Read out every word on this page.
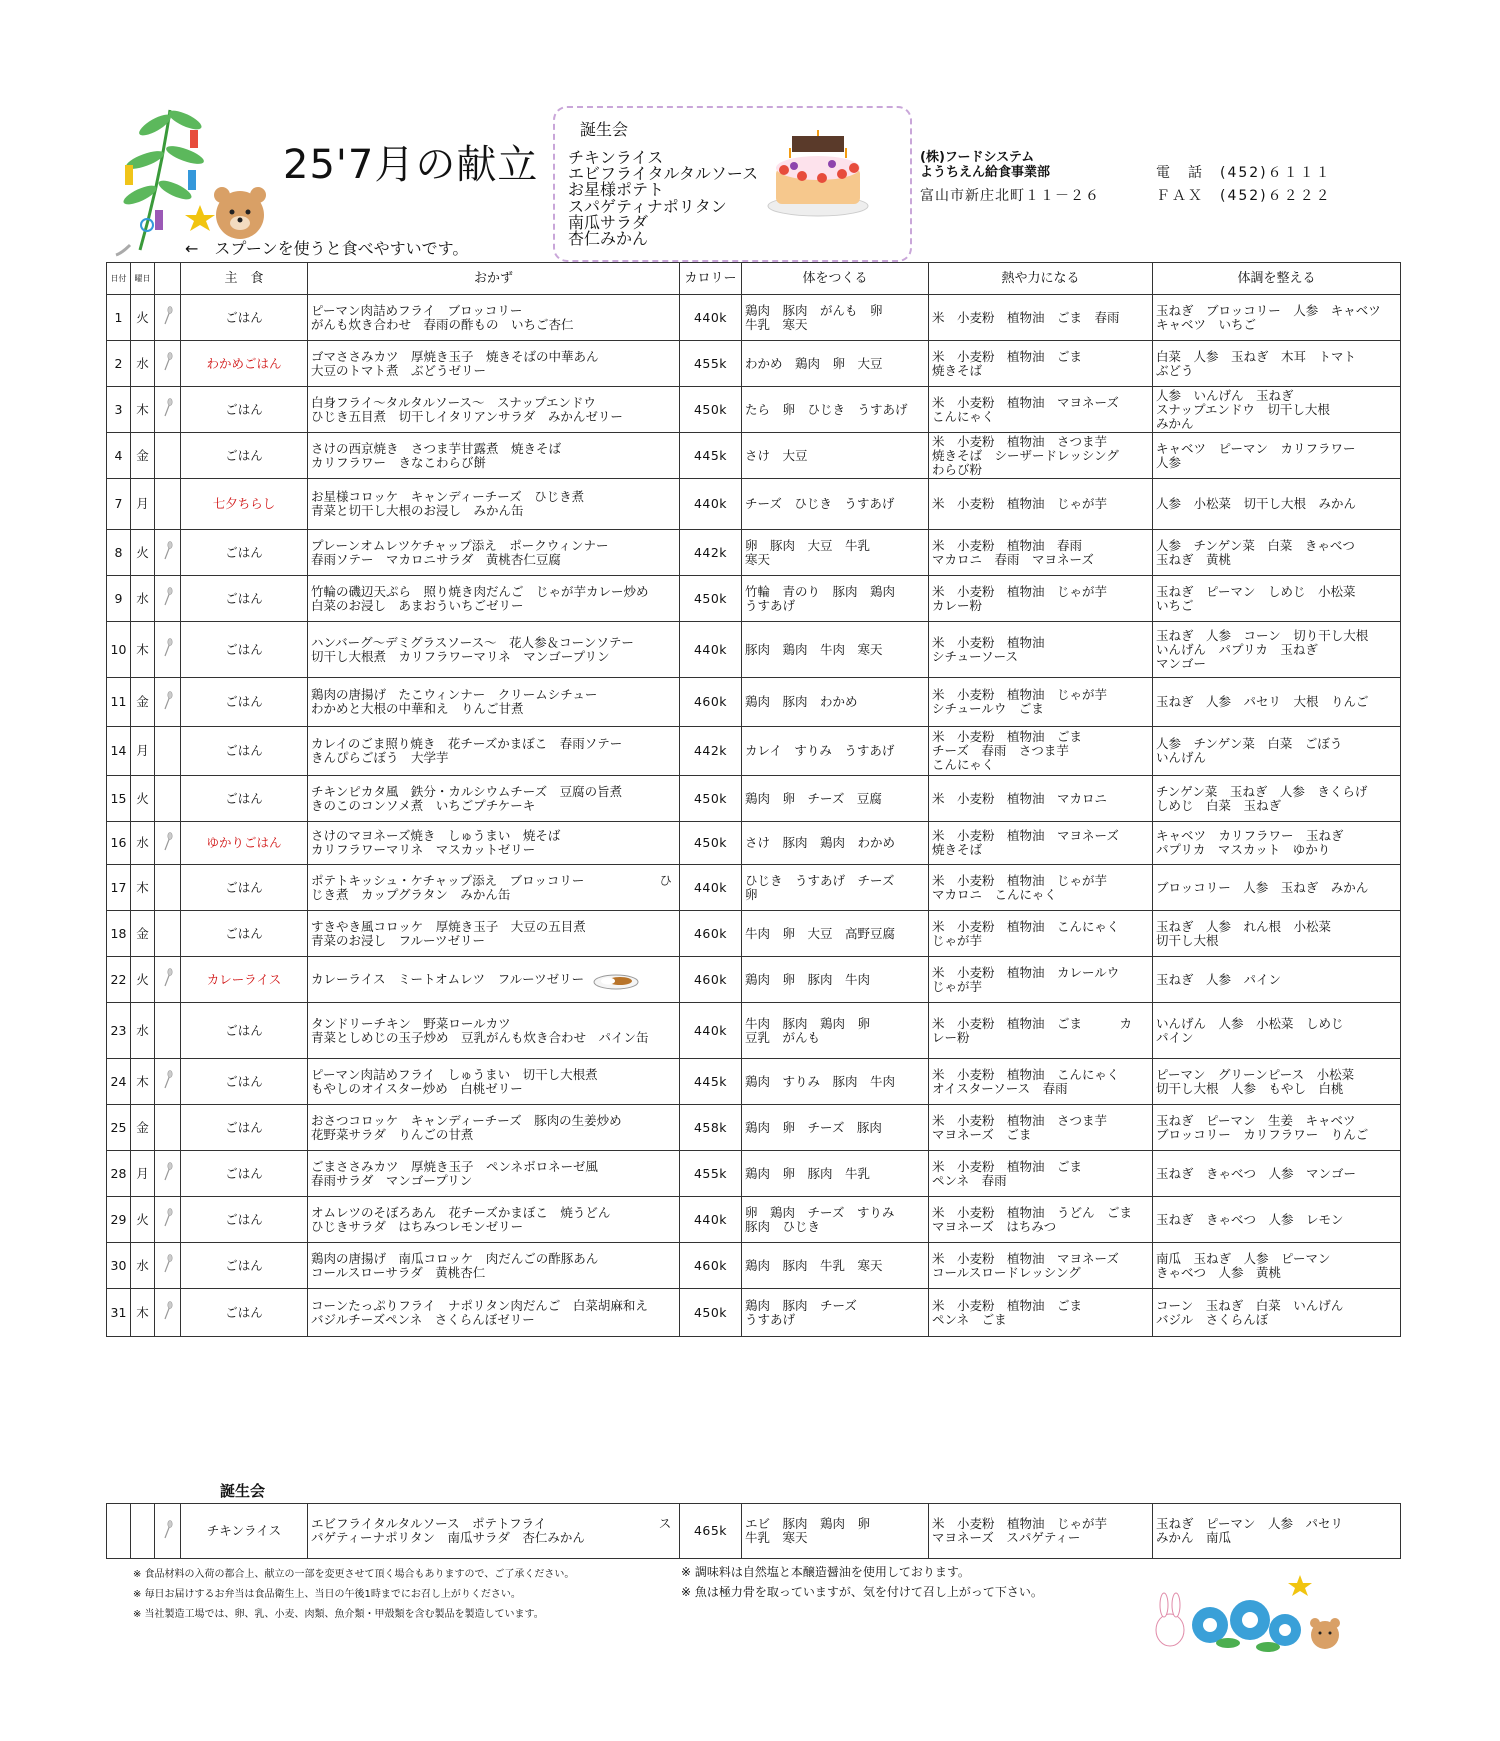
25'7月の献立
←　スプーンを使うと食べやすいです。
誕生会
チキンライス
エビフライタルタルソース
お星様ポテト
スパゲティナポリタン
南瓜サラダ
杏仁みかん
(株)フードシステム
ようちえん給食事業部
富山市新庄北町１１－２６
電　話　(452)６１１１
ＦＡＸ　(452)６２２２
日付	曜日		主　食	おかず	カロリー	体をつくる	熱や力になる	体調を整える
1	火		ごはん	ピーマン肉詰めフライ　ブロッコリー
がんも炊き合わせ　春雨の酢もの　いちご杏仁	440k	鶏肉　豚肉　がんも　卵
牛乳　寒天	米　小麦粉　植物油　ごま　春雨	玉ねぎ　ブロッコリー　人参　キャベツ
キャベツ　いちご
2	水		わかめごはん	ゴマささみカツ　厚焼き玉子　焼きそばの中華あん
大豆のトマト煮　ぶどうゼリー	455k	わかめ　鶏肉　卵　大豆	米　小麦粉　植物油　ごま
焼きそば	白菜　人参　玉ねぎ　木耳　トマト
ぶどう
3	木		ごはん	白身フライ～タルタルソース～　スナップエンドウ
ひじき五目煮　切干しイタリアンサラダ　みかんゼリー	450k	たら　卵　ひじき　うすあげ	米　小麦粉　植物油　マヨネーズ
こんにゃく	人参　いんげん　玉ねぎ
スナップエンドウ　切干し大根
みかん
4	金		ごはん	さけの西京焼き　さつま芋甘露煮　焼きそば
カリフラワー　きなこわらび餅	445k	さけ　大豆	米　小麦粉　植物油　さつま芋
焼きそば　シーザードレッシング
わらび粉	キャベツ　ピーマン　カリフラワー
人参
7	月		七夕ちらし	お星様コロッケ　キャンディーチーズ　ひじき煮
青菜と切干し大根のお浸し　みかん缶	440k	チーズ　ひじき　うすあげ	米　小麦粉　植物油　じゃが芋	人参　小松菜　切干し大根　みかん
8	火		ごはん	プレーンオムレツケチャップ添え　ポークウィンナー
春雨ソテー　マカロニサラダ　黄桃杏仁豆腐	442k	卵　豚肉　大豆　牛乳
寒天	米　小麦粉　植物油　春雨
マカロニ　春雨　マヨネーズ	人参　チンゲン菜　白菜　きゃべつ
玉ねぎ　黄桃
9	水		ごはん	竹輪の磯辺天ぷら　照り焼き肉だんご　じゃが芋カレー炒め
白菜のお浸し　あまおういちごゼリー	450k	竹輪　青のり　豚肉　鶏肉
うすあげ	米　小麦粉　植物油　じゃが芋
カレー粉	玉ねぎ　ピーマン　しめじ　小松菜
いちご
10	木		ごはん	ハンバーグ～デミグラスソース～　花人参＆コーンソテー
切干し大根煮　カリフラワーマリネ　マンゴープリン	440k	豚肉　鶏肉　牛肉　寒天	米　小麦粉　植物油
シチューソース	玉ねぎ　人参　コーン　切り干し大根
いんげん　パプリカ　玉ねぎ
マンゴー
11	金		ごはん	鶏肉の唐揚げ　たこウィンナー　クリームシチュー
わかめと大根の中華和え　りんご甘煮	460k	鶏肉　豚肉　わかめ	米　小麦粉　植物油　じゃが芋
シチュールウ　ごま	玉ねぎ　人参　パセリ　大根　りんご
14	月		ごはん	カレイのごま照り焼き　花チーズかまぼこ　春雨ソテー
きんぴらごぼう　大学芋	442k	カレイ　すりみ　うすあげ	米　小麦粉　植物油　ごま
チーズ　春雨　さつま芋
こんにゃく	人参　チンゲン菜　白菜　ごぼう
いんげん
15	火		ごはん	チキンピカタ風　鉄分・カルシウムチーズ　豆腐の旨煮
きのこのコンソメ煮　いちごプチケーキ	450k	鶏肉　卵　チーズ　豆腐	米　小麦粉　植物油　マカロニ	チンゲン菜　玉ねぎ　人参　きくらげ
しめじ　白菜　玉ねぎ
16	水		ゆかりごはん	さけのマヨネーズ焼き　しゅうまい　焼そば
カリフラワーマリネ　マスカットゼリー	450k	さけ　豚肉　鶏肉　わかめ	米　小麦粉　植物油　マヨネーズ
焼きそば	キャベツ　カリフラワー　玉ねぎ
パプリカ　マスカット　ゆかり
17	木		ごはん	ポテトキッシュ・ケチャップ添え　ブロッコリー　　　　　　ひ
じき煮　カップグラタン　みかん缶	440k	ひじき　うすあげ　チーズ
卵	米　小麦粉　植物油　じゃが芋
マカロニ　こんにゃく	ブロッコリー　人参　玉ねぎ　みかん
18	金		ごはん	すきやき風コロッケ　厚焼き玉子　大豆の五目煮
青菜のお浸し　フルーツゼリー	460k	牛肉　卵　大豆　高野豆腐	米　小麦粉　植物油　こんにゃく
じゃが芋	玉ねぎ　人参　れん根　小松菜
切干し大根
22	火		カレーライス	カレーライス　ミートオムレツ　フルーツゼリー	460k	鶏肉　卵　豚肉　牛肉	米　小麦粉　植物油　カレールウ
じゃが芋	玉ねぎ　人参　パイン
23	水		ごはん	タンドリーチキン　野菜ロールカツ
青菜としめじの玉子炒め　豆乳がんも炊き合わせ　パイン缶	440k	牛肉　豚肉　鶏肉　卵
豆乳　がんも	米　小麦粉　植物油　ごま　　　カ
レー粉	いんげん　人参　小松菜　しめじ
パイン
24	木		ごはん	ピーマン肉詰めフライ　しゅうまい　切干し大根煮
もやしのオイスター炒め　白桃ゼリー	445k	鶏肉　すりみ　豚肉　牛肉	米　小麦粉　植物油　こんにゃく
オイスターソース　春雨	ピーマン　グリーンピース　小松菜
切干し大根　人参　もやし　白桃
25	金		ごはん	おさつコロッケ　キャンディーチーズ　豚肉の生姜炒め
花野菜サラダ　りんごの甘煮	458k	鶏肉　卵　チーズ　豚肉	米　小麦粉　植物油　さつま芋
マヨネーズ　ごま	玉ねぎ　ピーマン　生姜　キャベツ
ブロッコリー　カリフラワー　りんご
28	月		ごはん	ごまささみカツ　厚焼き玉子　ペンネボロネーゼ風
春雨サラダ　マンゴープリン	455k	鶏肉　卵　豚肉　牛乳	米　小麦粉　植物油　ごま
ペンネ　春雨	玉ねぎ　きゃべつ　人参　マンゴー
29	火		ごはん	オムレツのそぼろあん　花チーズかまぼこ　焼うどん
ひじきサラダ　はちみつレモンゼリー	440k	卵　鶏肉　チーズ　すりみ
豚肉　ひじき	米　小麦粉　植物油　うどん　ごま
マヨネーズ　はちみつ	玉ねぎ　きゃべつ　人参　レモン
30	水		ごはん	鶏肉の唐揚げ　南瓜コロッケ　肉だんごの酢豚あん
コールスローサラダ　黄桃杏仁	460k	鶏肉　豚肉　牛乳　寒天	米　小麦粉　植物油　マヨネーズ
コールスロードレッシング	南瓜　玉ねぎ　人参　ピーマン
きゃべつ　人参　黄桃
31	木		ごはん	コーンたっぷりフライ　ナポリタン肉だんご　白菜胡麻和え
バジルチーズペンネ　さくらんぼゼリー	450k	鶏肉　豚肉　チーズ
うすあげ	米　小麦粉　植物油　ごま
ペンネ　ごま	コーン　玉ねぎ　白菜　いんげん
バジル　さくらんぼ
誕生会
			チキンライス	エビフライタルタルソース　ポテトフライ　　　　　　　　　ス
パゲティーナポリタン　南瓜サラダ　杏仁みかん	465k	エビ　豚肉　鶏肉　卵
牛乳　寒天	米　小麦粉　植物油　じゃが芋
マヨネーズ　スパゲティー	玉ねぎ　ピーマン　人参　パセリ
みかん　南瓜
※ 食品材料の入荷の都合上、献立の一部を変更させて頂く場合もありますので、ご了承ください。
※ 毎日お届けするお弁当は食品衛生上、当日の午後1時までにお召し上がりください。
※ 当社製造工場では、卵、乳、小麦、肉類、魚介類・甲殻類を含む製品を製造しています。
※ 調味料は自然塩と本醸造醤油を使用しております。
※ 魚は極力骨を取っていますが、気を付けて召し上がって下さい。
